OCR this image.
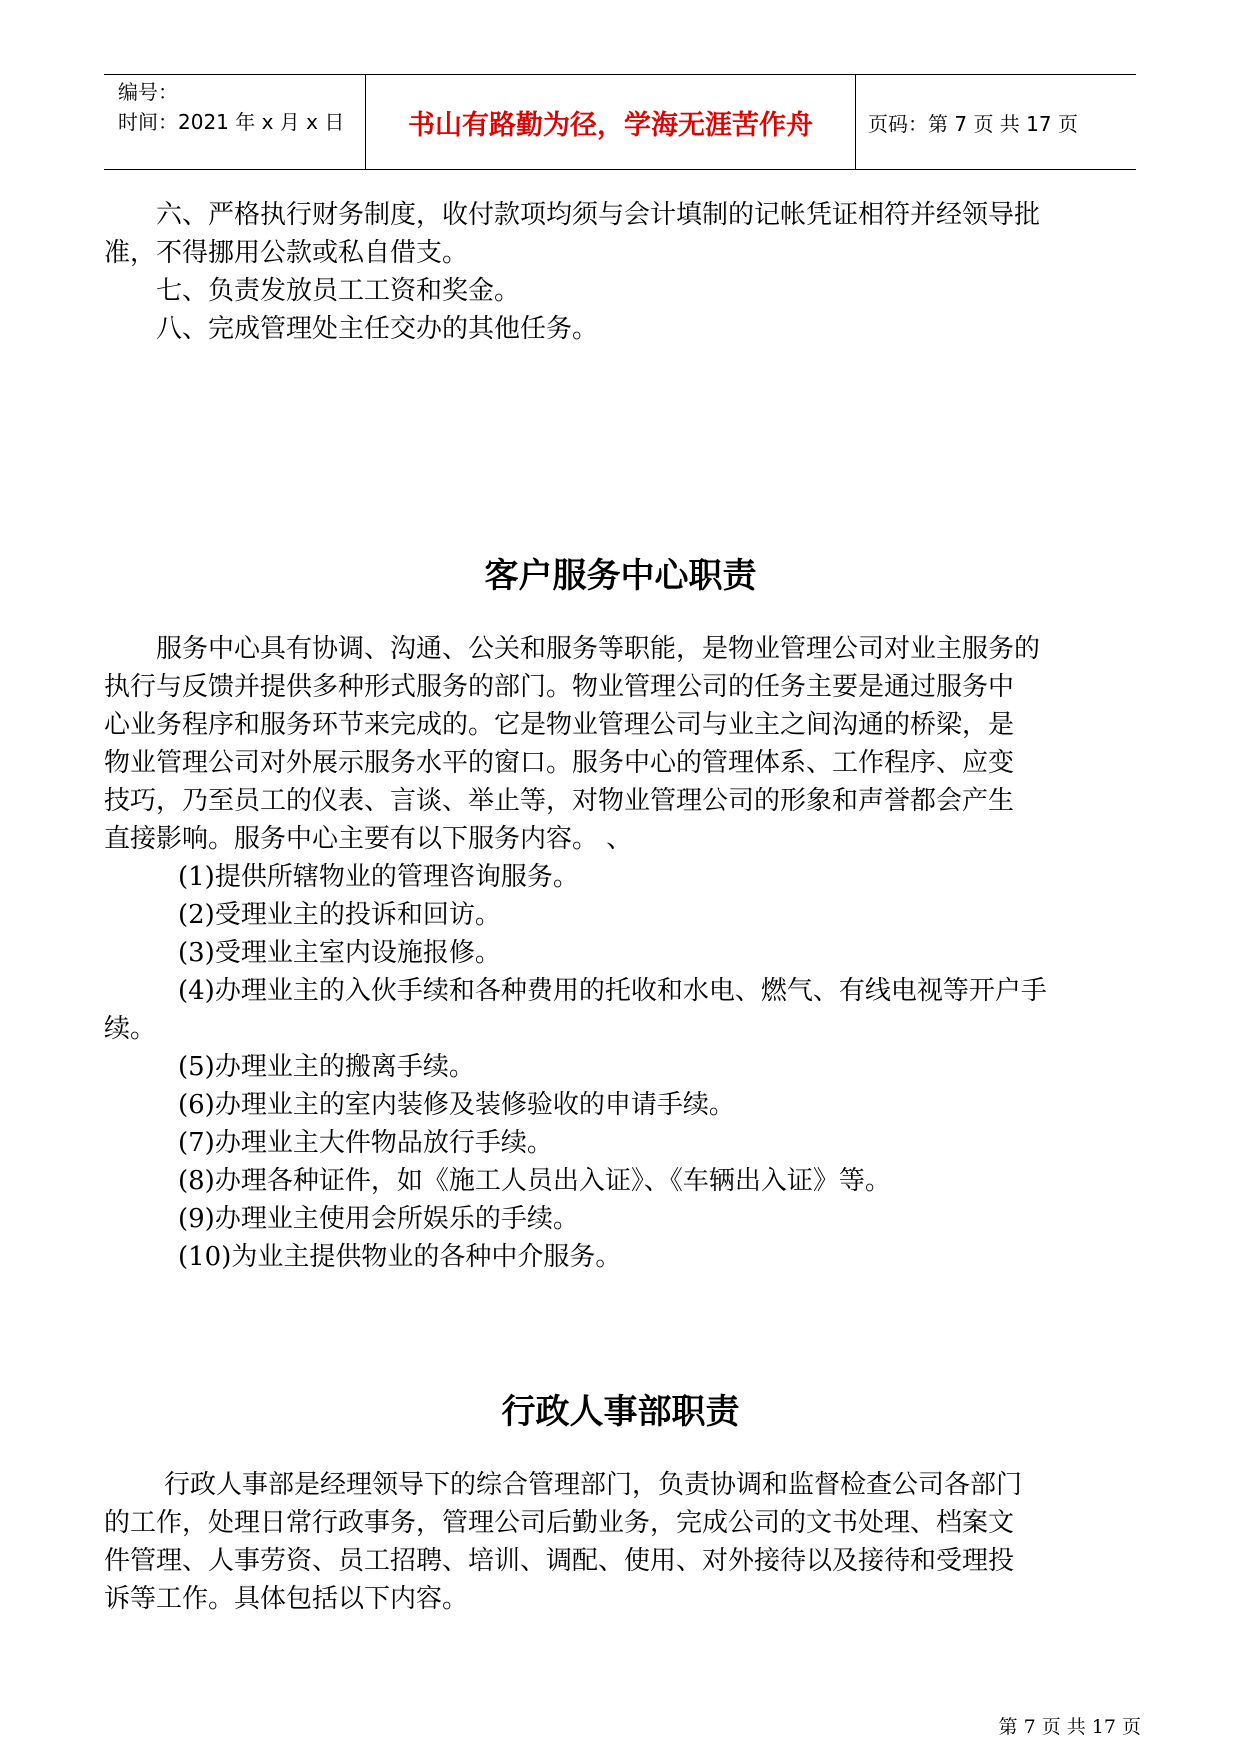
编号：
时间：2021 年 x 月 x 日	书山有路勤为径，学海无涯苦作舟	页码：第 7 页 共 17 页

六、严格执行财务制度，收付款项均须与会计填制的记帐凭证相符并经领导批

准，不得挪用公款或私自借支。

七、负责发放员工工资和奖金。

八、完成管理处主任交办的其他任务。

客户服务中心职责

服务中心具有协调、沟通、公关和服务等职能，是物业管理公司对业主服务的

执行与反馈并提供多种形式服务的部门。物业管理公司的任务主要是通过服务中

心业务程序和服务环节来完成的。它是物业管理公司与业主之间沟通的桥梁，是

物业管理公司对外展示服务水平的窗口。服务中心的管理体系、工作程序、应变

技巧，乃至员工的仪表、言谈、举止等，对物业管理公司的形象和声誉都会产生

直接影响。服务中心主要有以下服务内容。 、

(1)提供所辖物业的管理咨询服务。

(2)受理业主的投诉和回访。

(3)受理业主室内设施报修。

(4)办理业主的入伙手续和各种费用的托收和水电、燃气、有线电视等开户手

续。

(5)办理业主的搬离手续。

(6)办理业主的室内装修及装修验收的申请手续。

(7)办理业主大件物品放行手续。

(8)办理各种证件，如《施工人员出入证》、《车辆出入证》等。

(9)办理业主使用会所娱乐的手续。

(10)为业主提供物业的各种中介服务。

行政人事部职责

行政人事部是经理领导下的综合管理部门，负责协调和监督检查公司各部门

的工作，处理日常行政事务，管理公司后勤业务，完成公司的文书处理、档案文

件管理、人事劳资、员工招聘、培训、调配、使用、对外接待以及接待和受理投

诉等工作。具体包括以下内容。

第 7 页 共 17 页
